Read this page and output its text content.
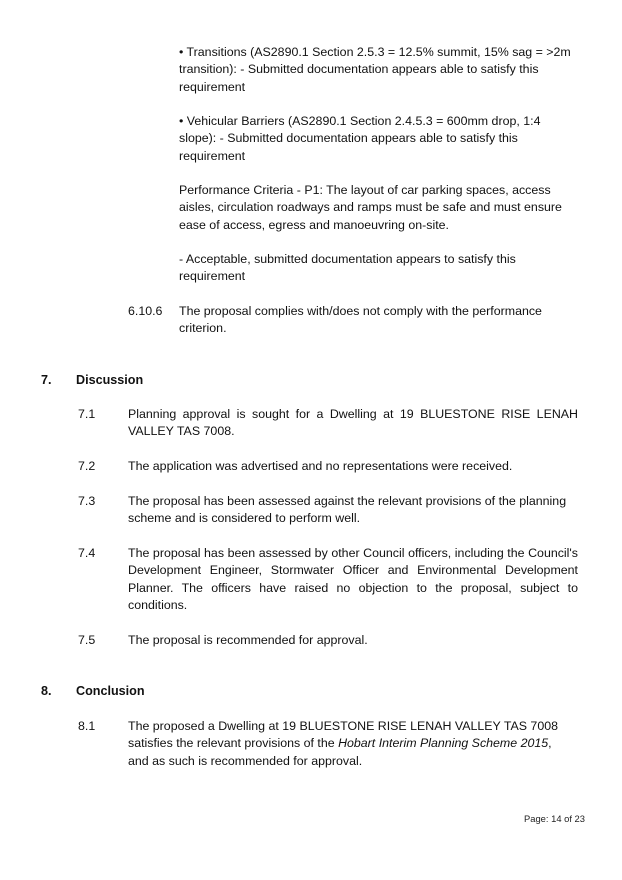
• Transitions (AS2890.1 Section 2.5.3 = 12.5% summit, 15% sag = >2m transition): - Submitted documentation appears able to satisfy this requirement

• Vehicular Barriers (AS2890.1 Section 2.4.5.3 = 600mm drop, 1:4 slope): - Submitted documentation appears able to satisfy this requirement

Performance Criteria - P1: The layout of car parking spaces, access aisles, circulation roadways and ramps must be safe and must ensure ease of access, egress and manoeuvring on-site.

- Acceptable, submitted documentation appears to satisfy this requirement

6.10.6 The proposal complies with/does not comply with the performance criterion.

7. Discussion
7.1	Planning approval is sought for a Dwelling at 19 BLUESTONE RISE LENAH VALLEY TAS 7008.

7.2	The application was advertised and no representations were received.

7.3	The proposal has been assessed against the relevant provisions of the planning scheme and is considered to perform well.

7.4	The proposal has been assessed by other Council officers, including the Council's Development Engineer, Stormwater Officer and Environmental Development Planner. The officers have raised no objection to the proposal, subject to conditions.

7.5	The proposal is recommended for approval.

8. Conclusion
8.1	The proposed a Dwelling at 19 BLUESTONE RISE LENAH VALLEY TAS 7008 satisfies the relevant provisions of the Hobart Interim Planning Scheme 2015, and as such is recommended for approval.

Page: 14 of 23
